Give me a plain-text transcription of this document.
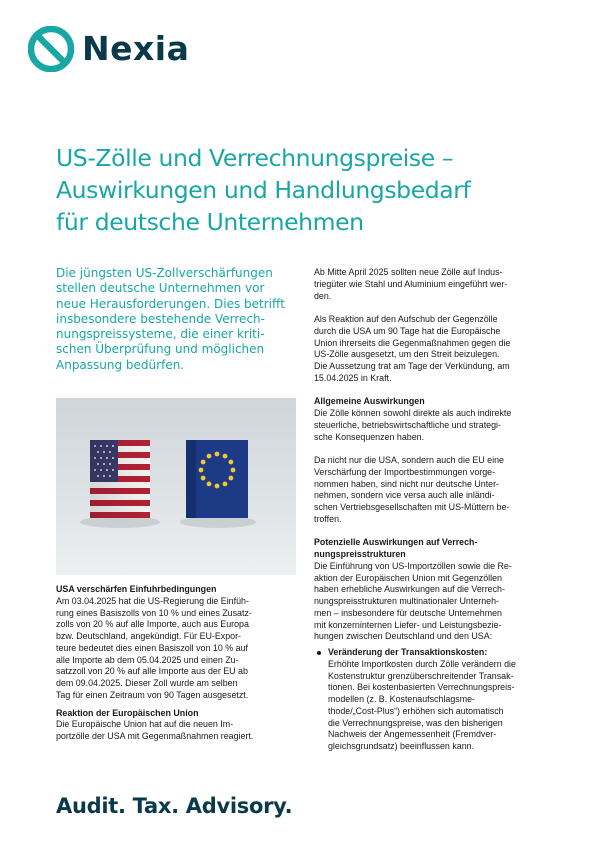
Nexia
US-Zölle und Verrechnungspreise –
Auswirkungen und Handlungsbedarf
für deutsche Unternehmen
Die jüngsten US-Zollverschärfungen
stellen deutsche Unternehmen vor
neue Herausforderungen. Dies betrifft
insbesondere bestehende Verrech-
nungspreissysteme, die einer kriti-
schen Überprüfung und möglichen
Anpassung bedürfen.
USA verschärfen Einfuhrbedingungen
Am 03.04.2025 hat die US-Regierung die Einfüh-
rung eines Basiszolls von 10 % und eines Zusatz-
zolls von 20 % auf alle Importe, auch aus Europa
bzw. Deutschland, angekündigt. Für EU-Expor-
teure bedeutet dies einen Basiszoll von 10 % auf
alle Importe ab dem 05.04.2025 und einen Zu-
satzzoll von 20 % auf alle Importe aus der EU ab
dem 09.04.2025. Dieser Zoll wurde am selben
Tag für einen Zeitraum von 90 Tagen ausgesetzt.
Reaktion der Europäischen Union
Die Europäische Union hat auf die neuen Im-
portzölle der USA mit Gegenmaßnahmen reagiert.
Ab Mitte April 2025 sollten neue Zölle auf Indus-
triegüter wie Stahl und Aluminium eingeführt wer-
den.
Als Reaktion auf den Aufschub der Gegenzölle
durch die USA um 90 Tage hat die Europäische
Union ihrerseits die Gegenmaßnahmen gegen die
US-Zölle ausgesetzt, um den Streit beizulegen.
Die Aussetzung trat am Tage der Verkündung, am
15.04.2025 in Kraft.
Allgemeine Auswirkungen
Die Zölle können sowohl direkte als auch indirekte
steuerliche, betriebswirtschaftliche und strategi-
sche Konsequenzen haben.
Da nicht nur die USA, sondern auch die EU eine
Verschärfung der Importbestimmungen vorge-
nommen haben, sind nicht nur deutsche Unter-
nehmen, sondern vice versa auch alle inländi-
schen Vertriebsgesellschaften mit US-Müttern be-
troffen.
Potenzielle Auswirkungen auf Verrech-
nungspreisstrukturen
Die Einführung von US-Importzöllen sowie die Re-
aktion der Europäischen Union mit Gegenzöllen
haben erhebliche Auswirkungen auf die Verrech-
nungspreisstrukturen multinationaler Unterneh-
men – insbesondere für deutsche Unternehmen
mit konzerninternen Liefer- und Leistungsbezie-
hungen zwischen Deutschland und den USA:
Veränderung der Transaktionskosten:
Erhöhte Importkosten durch Zölle verändern die
Kostenstruktur grenzüberschreitender Transak-
tionen. Bei kostenbasierten Verrechnungspreis-
modellen (z. B. Kostenaufschlagsme-
thode/„Cost-Plus“) erhöhen sich automatisch
die Verrechnungspreise, was den bisherigen
Nachweis der Angemessenheit (Fremdver-
gleichsgrundsatz) beeinflussen kann.
Audit. Tax. Advisory.
